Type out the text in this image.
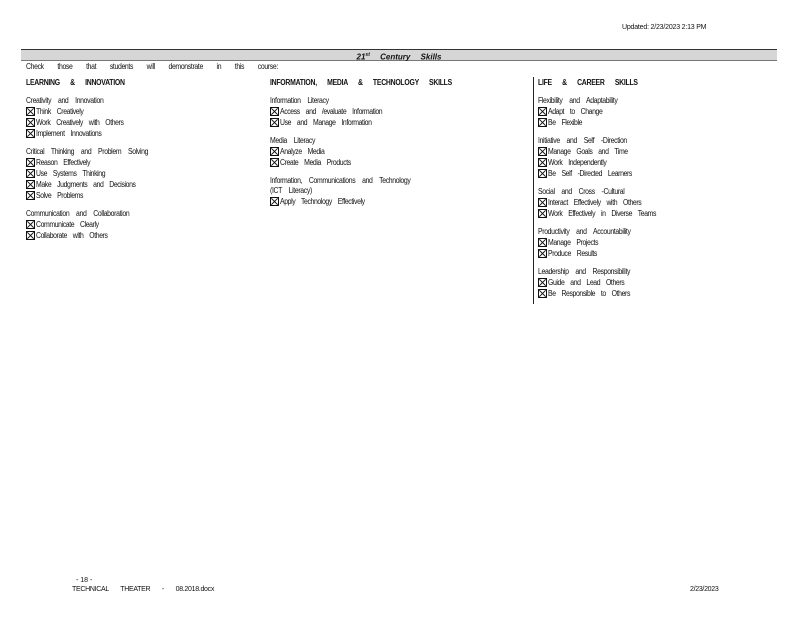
Updated: 2/23/2023 2:13 PM
21st Century Skills
Check those that students will demonstrate in this course:
LEARNING & INNOVATION
Creativity and Innovation
Think Creatively
Work Creatively with Others
Implement Innovations
Critical Thinking and Problem Solving
Reason Effectively
Use Systems Thinking
Make Judgments and Decisions
Solve Problems
Communication and Collaboration
Communicate Clearly
Collaborate with Others
INFORMATION, MEDIA & TECHNOLOGY SKILLS
Information Literacy
Access and /evaluate Information
Use and Manage Information
Media Literacy
Analyze Media
Create Media Products
Information, Communications and Technology
(ICT Literacy)
Apply Technology Effectively
LIFE & CAREER SKILLS
Flexibility and Adaptability
Adapt to Change
Be Flexible
Initiative and Self -Direction
Manage Goals and Time
Work Independently
Be Self -Directed Learners
Social and Cross -Cultural
Interact Effectively with Others
Work Effectively in Diverse Teams
Productivity and Accountability
Manage Projects
Produce Results
Leadership and Responsibility
Guide and Lead Others
Be Responsible to Others
- 18 -
TECHNICAL THEATER - 08.2018.docx	2/23/2023
